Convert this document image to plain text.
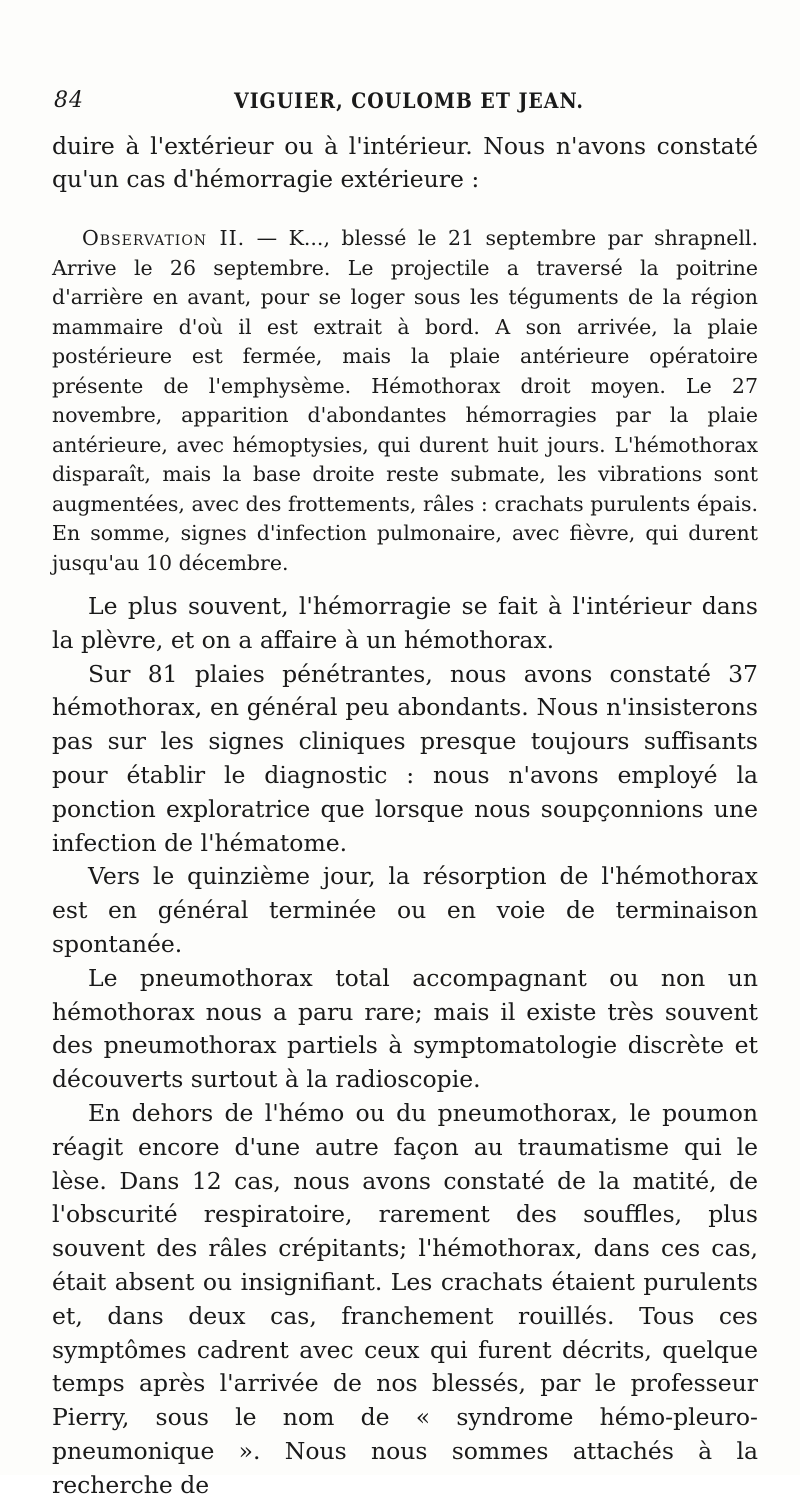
84	VIGUIER, COULOMB ET JEAN.

duire à l'extérieur ou à l'intérieur. Nous n'avons constaté qu'un cas d'hémorragie extérieure :

Observation II. — K..., blessé le 21 septembre par shrapnell. Arrive le 26 septembre. Le projectile a traversé la poitrine d'arrière en avant, pour se loger sous les téguments de la région mammaire d'où il est extrait à bord. A son arrivée, la plaie postérieure est fermée, mais la plaie antérieure opératoire présente de l'emphysème. Hémothorax droit moyen. Le 27 novembre, apparition d'abondantes hémorragies par la plaie antérieure, avec hémoptysies, qui durent huit jours. L'hémothorax disparaît, mais la base droite reste submate, les vibrations sont augmentées, avec des frottements, râles : crachats purulents épais. En somme, signes d'infection pulmonaire, avec fièvre, qui durent jusqu'au 10 décembre.

Le plus souvent, l'hémorragie se fait à l'intérieur dans la plèvre, et on a affaire à un hémothorax.

Sur 81 plaies pénétrantes, nous avons constaté 37 hémothorax, en général peu abondants. Nous n'insisterons pas sur les signes cliniques presque toujours suffisants pour établir le diagnostic : nous n'avons employé la ponction exploratrice que lorsque nous soupçonnions une infection de l'hématome.

Vers le quinzième jour, la résorption de l'hémothorax est en général terminée ou en voie de terminaison spontanée.

Le pneumothorax total accompagnant ou non un hémothorax nous a paru rare; mais il existe très souvent des pneumothorax partiels à symptomatologie discrète et découverts surtout à la radioscopie.

En dehors de l'hémo ou du pneumothorax, le poumon réagit encore d'une autre façon au traumatisme qui le lèse. Dans 12 cas, nous avons constaté de la matité, de l'obscurité respiratoire, rarement des souffles, plus souvent des râles crépitants; l'hémothorax, dans ces cas, était absent ou insignifiant. Les crachats étaient purulents et, dans deux cas, franchement rouillés. Tous ces symptômes cadrent avec ceux qui furent décrits, quelque temps après l'arrivée de nos blessés, par le professeur Pierry, sous le nom de « syndrome hémo-pleuro-pneumonique ». Nous nous sommes attachés à la recherche de
